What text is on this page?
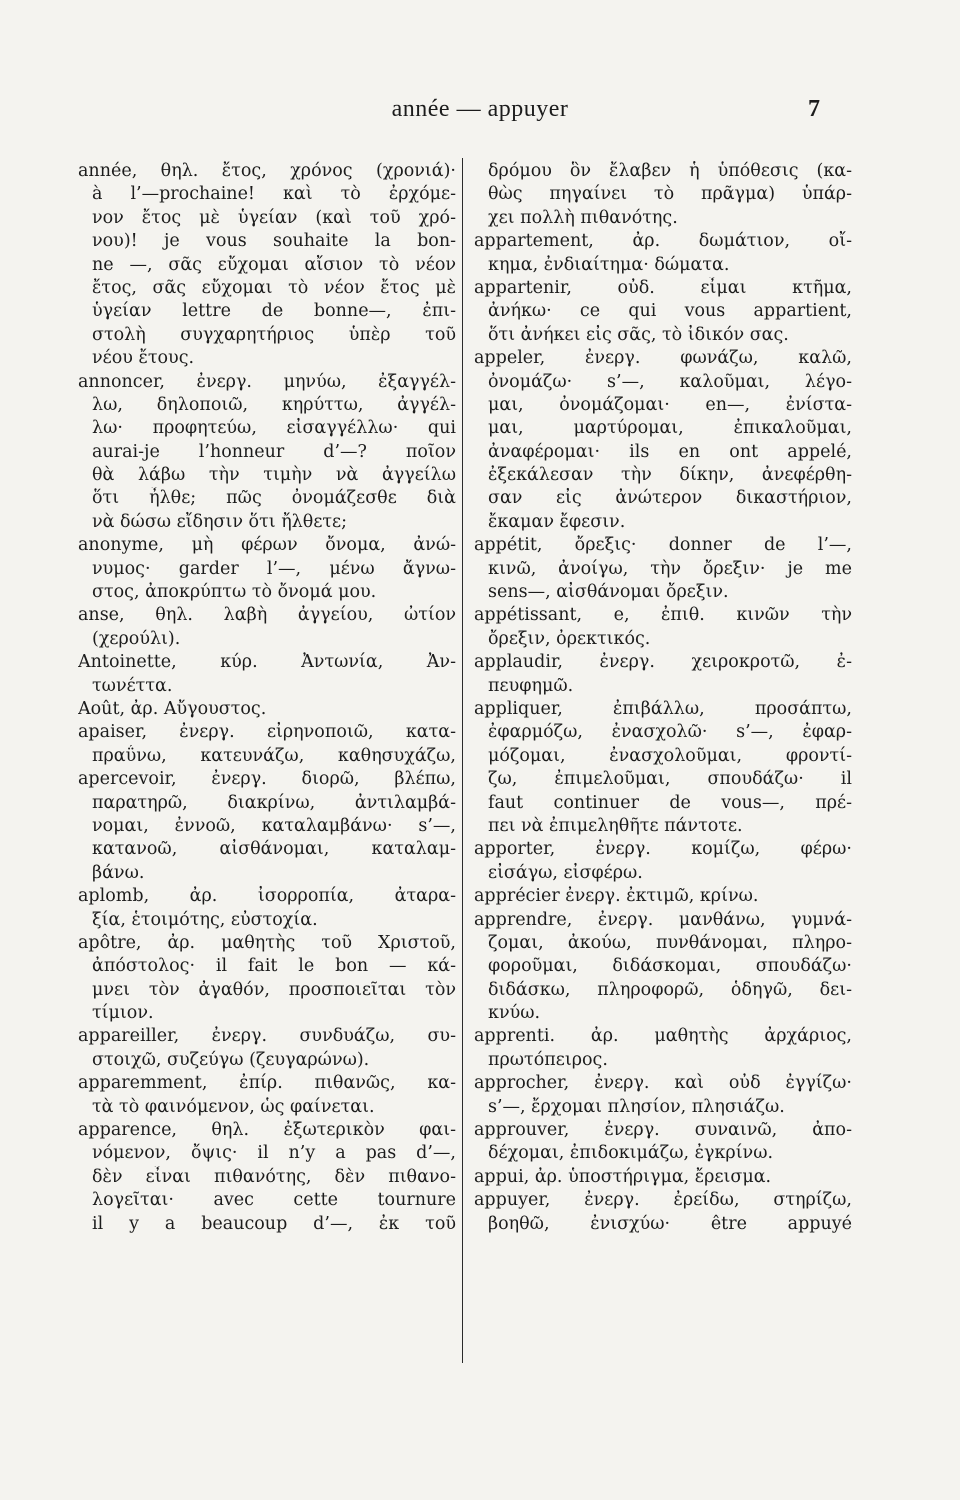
année — appuyer	7
année, θηλ. ἔτος, χρόνος (χρονιά)·
à l’—prochaine! καὶ τὸ ἐρχόμε-
νον ἔτος μὲ ὑγείαν (καὶ τοῦ χρό-
νου)! je vous souhaite la bon-
ne —, σᾶς εὔχομαι αἴσιον τὸ νέον
ἔτος, σᾶς εὔχομαι τὸ νέον ἔτος μὲ
ὑγείαν lettre de bonne—, ἐπι-
στολὴ συγχαρητήριος ὑπὲρ τοῦ
νέου ἔτους.
annoncer, ἐνεργ. μηνύω, ἐξαγγέλ-
λω, δηλοποιῶ, κηρύττω, ἀγγέλ-
λω· προφητεύω, εἰσαγγέλλω· qui
aurai-je l’honneur d’—? ποῖον
θὰ λάβω τὴν τιμὴν νὰ ἀγγείλω
ὅτι ἦλθε; πῶς ὀνομάζεσθε διὰ
νὰ δώσω εἴδησιν ὅτι ἤλθετε;
anonyme, μὴ φέρων ὄνομα, ἀνώ-
νυμος· garder l’—, μένω ἄγνω-
στος, ἀποκρύπτω τὸ ὄνομά μου.
anse, θηλ. λαβὴ ἀγγείου, ὠτίον
(χερούλι).
Antoinette, κύρ. Ἀντωνία, Ἀν-
τωνέττα.
Août, ἀρ. Αὔγουστος.
apaiser, ἐνεργ. εἰρηνοποιῶ, κατα-
πραΰνω, κατευνάζω, καθησυχάζω,
apercevoir, ἐνεργ. διορῶ, βλέπω,
παρατηρῶ, διακρίνω, ἀντιλαμβά-
νομαι, ἐννοῶ, καταλαμβάνω· s’—,
κατανοῶ, αἰσθάνομαι, καταλαμ-
βάνω.
aplomb, ἀρ. ἰσορροπία, ἀταρα-
ξία, ἑτοιμότης, εὐστοχία.
apôtre, ἀρ. μαθητὴς τοῦ Χριστοῦ,
ἀπόστολος· il fait le bon — κά-
μνει τὸν ἀγαθόν, προσποιεῖται τὸν
τίμιον.
appareiller, ἐνεργ. συνδυάζω, συ-
στοιχῶ, συζεύγω (ζευγαρώνω).
apparemment, ἐπίρ. πιθανῶς, κα-
τὰ τὸ φαινόμενον, ὡς φαίνεται.
apparence, θηλ. ἐξωτερικὸν φαι-
νόμενον, ὄψις· il n’y a pas d’—,
δὲν εἶναι πιθανότης, δὲν πιθανο-
λογεῖται· avec cette tournure
il y a beaucoup d’—, ἐκ τοῦ
δρόμου ὃν ἔλαβεν ἡ ὑπόθεσις (κα-
θὼς πηγαίνει τὸ πρᾶγμα) ὑπάρ-
χει πολλὴ πιθανότης.
appartement, ἀρ. δωμάτιον, οἴ-
κημα, ἐνδιαίτημα· δώματα.
appartenir, οὐδ. εἶμαι κτῆμα,
ἀνήκω· ce qui vous appartient,
ὅτι ἀνήκει εἰς σᾶς, τὸ ἰδικόν σας.
appeler, ἐνεργ. φωνάζω, καλῶ,
ὀνομάζω· s’—, καλοῦμαι, λέγο-
μαι, ὀνομάζομαι· en—, ἐνίστα-
μαι, μαρτύρομαι, ἐπικαλοῦμαι,
ἀναφέρομαι· ils en ont appelé,
ἐξεκάλεσαν τὴν δίκην, ἀνεφέρθη-
σαν εἰς ἀνώτερον δικαστήριον,
ἔκαμαν ἔφεσιν.
appétit, ὄρεξις· donner de l’—,
κινῶ, ἀνοίγω, τὴν ὄρεξιν· je me
sens—, αἰσθάνομαι ὄρεξιν.
appétissant, e, ἐπιθ. κινῶν τὴν
ὄρεξιν, ὀρεκτικός.
applaudir, ἐνεργ. χειροκροτῶ, ἐ-
πευφημῶ.
appliquer, ἐπιβάλλω, προσάπτω,
ἐφαρμόζω, ἐνασχολῶ· s’—, ἐφαρ-
μόζομαι, ἐνασχολοῦμαι, φροντί-
ζω, ἐπιμελοῦμαι, σπουδάζω· il
faut continuer de vous—, πρέ-
πει νὰ ἐπιμεληθῆτε πάντοτε.
apporter, ἐνεργ. κομίζω, φέρω·
εἰσάγω, εἰσφέρω.
apprécier ἐνεργ. ἐκτιμῶ, κρίνω.
apprendre, ἐνεργ. μανθάνω, γυμνά-
ζομαι, ἀκούω, πυνθάνομαι, πληρο-
φοροῦμαι, διδάσκομαι, σπουδάζω·
διδάσκω, πληροφορῶ, ὁδηγῶ, δει-
κνύω.
apprenti. ἀρ. μαθητὴς ἀρχάριος,
πρωτόπειρος.
approcher, ἐνεργ. καὶ οὐδ ἐγγίζω·
s’—, ἔρχομαι πλησίον, πλησιάζω.
approuver, ἐνεργ. συναινῶ, ἀπο-
δέχομαι, ἐπιδοκιμάζω, ἐγκρίνω.
appui, ἀρ. ὑποστήριγμα, ἔρεισμα.
appuyer, ἐνεργ. ἐρείδω, στηρίζω,
βοηθῶ, ἐνισχύω· être appuyé
